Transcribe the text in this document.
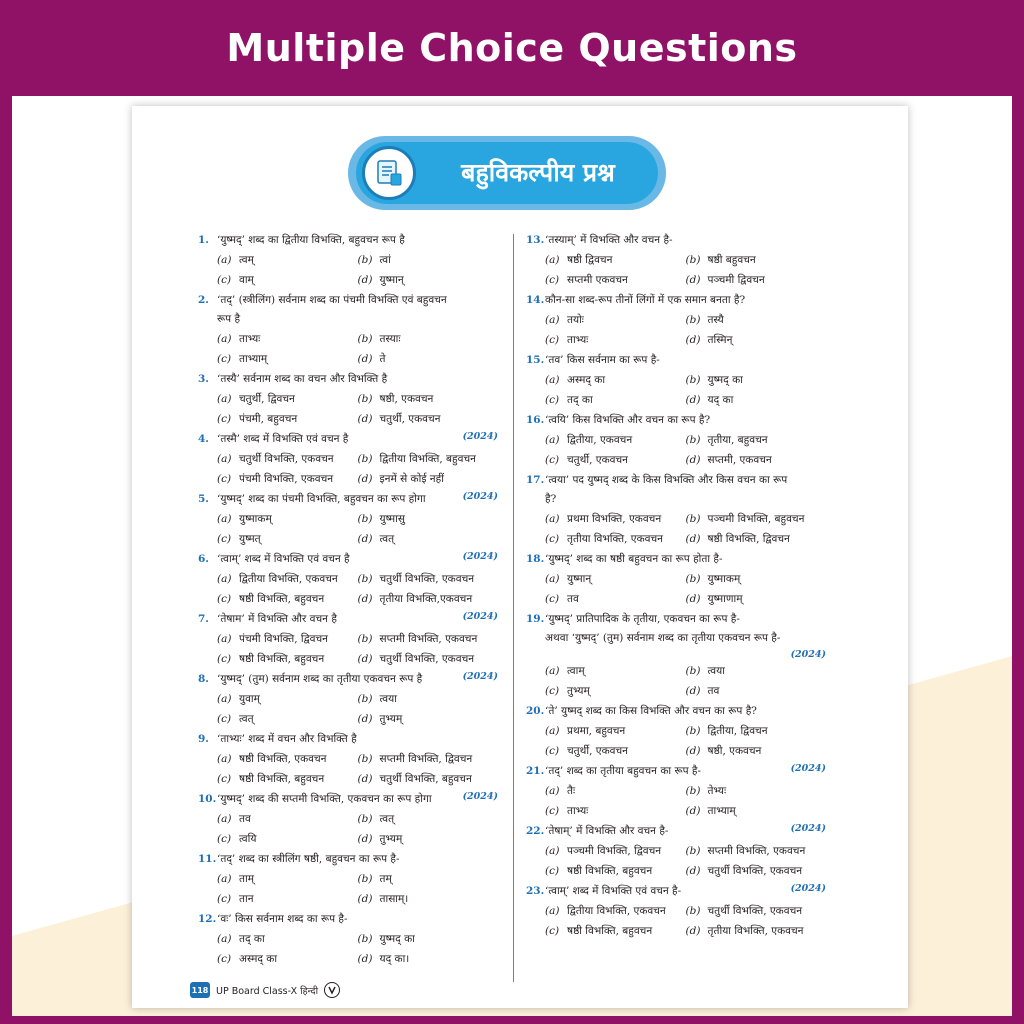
Multiple Choice Questions
बहुविकल्पीय प्रश्न
1. ‘युष्मद्’ शब्द का द्वितीया विभक्ति, बहुवचन रूप है
(a) त्वम्	(b) त्वां
(c) वाम्	(d) युष्मान्
2. ‘तद्’ (स्त्रीलिंग) सर्वनाम शब्द का पंचमी विभक्ति एवं बहुवचन
रूप है
(a) ताभ्यः	(b) तस्याः
(c) ताभ्याम्	(d) ते
3. ‘तस्यै’ सर्वनाम शब्द का वचन और विभक्ति है
(a) चतुर्थी, द्विवचन	(b) षष्ठी, एकवचन
(c) पंचमी, बहुवचन	(d) चतुर्थी, एकवचन
4. ‘तस्मै’ शब्द में विभक्ति एवं वचन है	(2024)
(a) चतुर्थी विभक्ति, एकवचन (b) द्वितीया विभक्ति, बहुवचन
(c) पंचमी विभक्ति, एकवचन (d) इनमें से कोई नहीं
5. ‘युष्मद्’ शब्द का पंचमी विभक्ति, बहुवचन का रूप होगा	(2024)
(a) युष्माकम्	(b) युष्मासु
(c) युष्मत्	(d) त्वत्
6. ‘त्वाम्’ शब्द में विभक्ति एवं वचन है	(2024)
(a) द्वितीया विभक्ति, एकवचन (b) चतुर्थी विभक्ति, एकवचन
(c) षष्ठी विभक्ति, बहुवचन	(d) तृतीया विभक्ति,एकवचन
7. ‘तेषाम’ में विभक्ति और वचन है	(2024)
(a) पंचमी विभक्ति, द्विवचन	(b) सप्तमी विभक्ति, एकवचन
(c) षष्ठी विभक्ति, बहुवचन	(d) चतुर्थी विभक्ति, एकवचन
8. ‘युष्मद्’ (तुम) सर्वनाम शब्द का तृतीया एकवचन रूप है	(2024)
(a) युवाम्	(b) त्वया
(c) त्वत्	(d) तुभ्यम्
9. ‘ताभ्यः’ शब्द में वचन और विभक्ति है
(a) षष्ठी विभक्ति, एकवचन	(b) सप्तमी विभक्ति, द्विवचन
(c) षष्ठी विभक्ति, बहुवचन	(d) चतुर्थी विभक्ति, बहुवचन
10. ‘युष्मद्’ शब्द की सप्तमी विभक्ति, एकवचन का रूप होगा	(2024)
(a) तव	(b) त्वत्
(c) त्वयि	(d) तुभ्यम्
11. ‘तद्’ शब्द का स्त्रीलिंग षष्ठी, बहुवचन का रूप है-
(a) ताम्	(b) तम्
(c) तान	(d) तासाम्।
12. ‘वः’ किस सर्वनाम शब्द का रूप है-
(a) तद् का	(b) युष्मद् का
(c) अस्मद् का	(d) यद् का।
13. ‘तस्याम्’ में विभक्ति और वचन है-
(a) षष्ठी द्विवचन	(b) षष्ठी बहुवचन
(c) सप्तमी एकवचन	(d) पञ्चमी द्विवचन
14. कौन-सा शब्द-रूप तीनों लिंगों में एक समान बनता है?
(a) तयोः	(b) तस्यै
(c) ताभ्यः	(d) तस्मिन्
15. ‘तव’ किस सर्वनाम का रूप है-
(a) अस्मद् का	(b) युष्मद् का
(c) तद् का	(d) यद् का
16. ‘त्वयि’ किस विभक्ति और वचन का रूप है?
(a) द्वितीया, एकवचन	(b) तृतीया, बहुवचन
(c) चतुर्थी, एकवचन	(d) सप्तमी, एकवचन
17. ‘त्वया’ पद युष्मद् शब्द के किस विभक्ति और किस वचन का रूप
है?
(a) प्रथमा विभक्ति, एकवचन (b) पञ्चमी विभक्ति, बहुवचन
(c) तृतीया विभक्ति, एकवचन (d) षष्ठी विभक्ति, द्विवचन
18. ‘युष्मद्’ शब्द का षष्ठी बहुवचन का रूप होता है-
(a) युष्मान्	(b) युष्माकम्
(c) तव	(d) युष्माणाम्
19. ‘युष्मद्’ प्रातिपादिक के तृतीया, एकवचन का रूप है-
अथवा ‘युष्मद्’ (तुम) सर्वनाम शब्द का तृतीया एकवचन रूप है-
(2024)
(a) त्वाम्	(b) त्वया
(c) तुभ्यम्	(d) तव
20. ‘ते’ युष्मद् शब्द का किस विभक्ति और वचन का रूप है?
(a) प्रथमा, बहुवचन	(b) द्वितीया, द्विवचन
(c) चतुर्थी, एकवचन	(d) षष्ठी, एकवचन
21. ‘तद्’ शब्द का तृतीया बहुवचन का रूप है-	(2024)
(a) तैः	(b) तेभ्यः
(c) ताभ्यः	(d) ताभ्याम्
22. ‘तेषाम्’ में विभक्ति और वचन है-	(2024)
(a) पञ्चमी विभक्ति, द्विवचन (b) सप्तमी विभक्ति, एकवचन
(c) षष्ठी विभक्ति, बहुवचन	(d) चतुर्थी विभक्ति, एकवचन
23. ‘त्वाम्’ शब्द में विभक्ति एवं वचन है-	(2024)
(a) द्वितीया विभक्ति, एकवचन (b) चतुर्थी विभक्ति, एकवचन
(c) षष्ठी विभक्ति, बहुवचन	(d) तृतीया विभक्ति, एकवचन
118 UP Board Class-X हिन्दी
